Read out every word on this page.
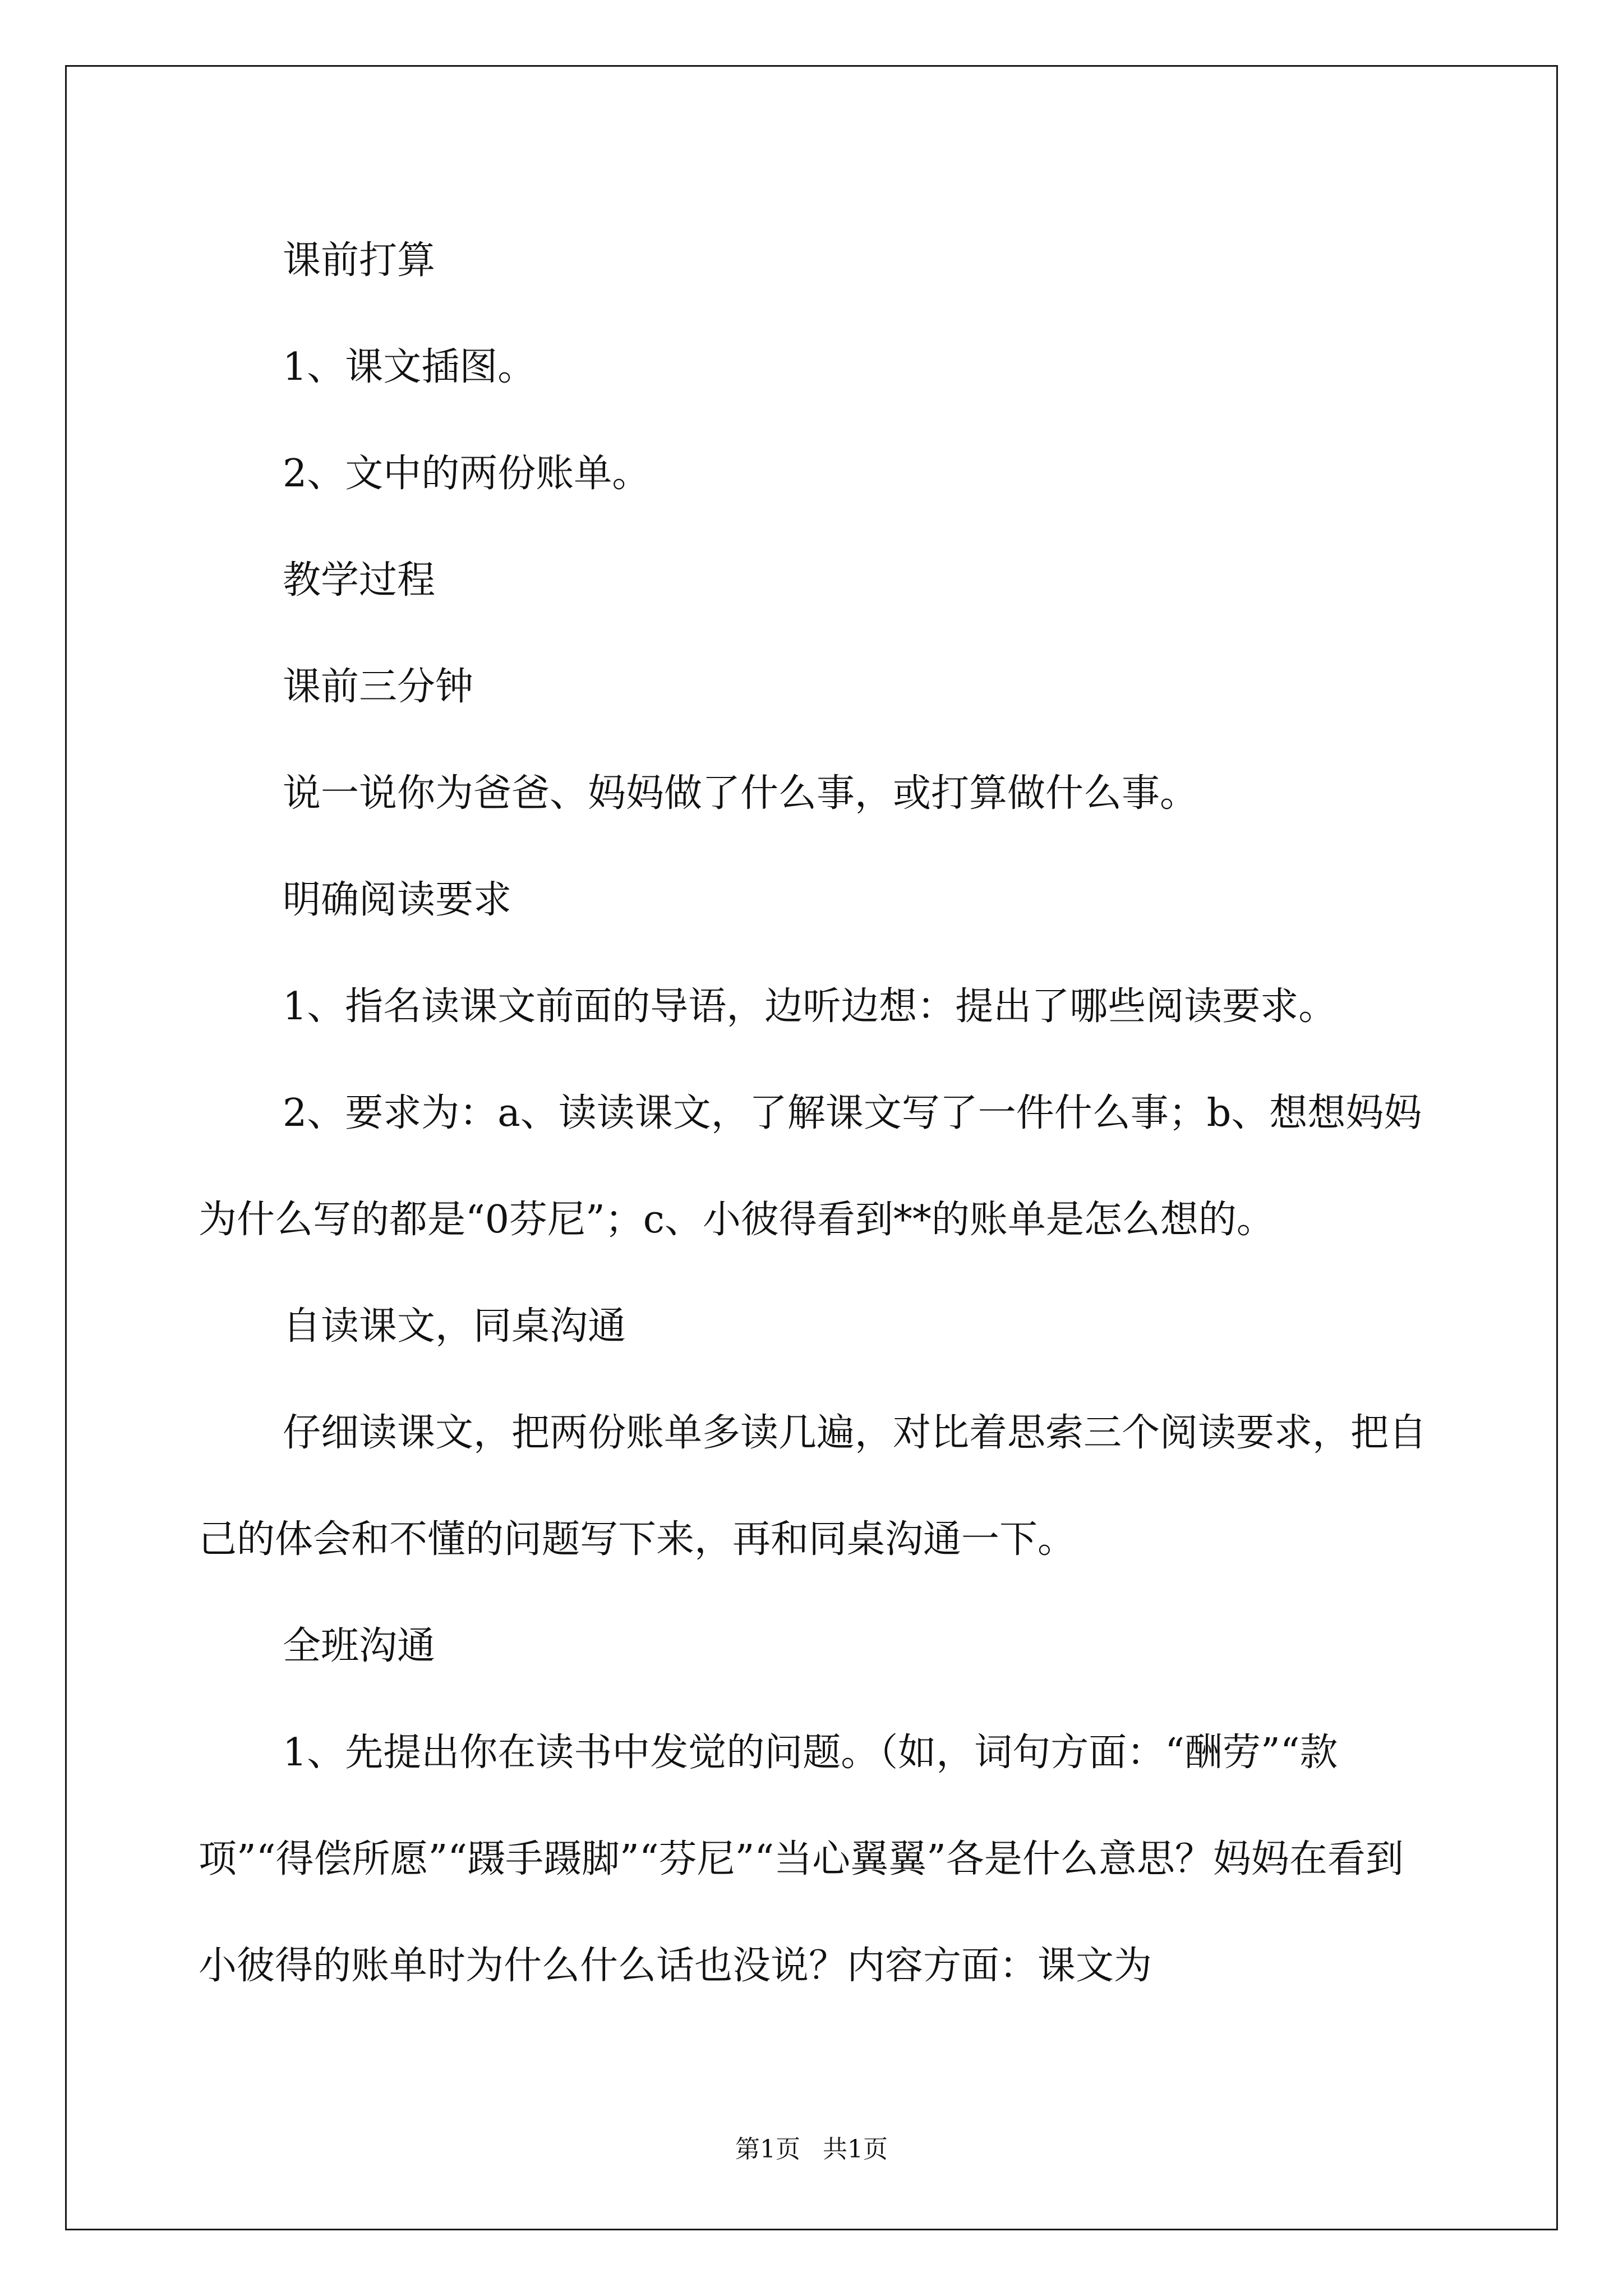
课前打算

1、课文插图。

2、文中的两份账单。

教学过程

课前三分钟

说一说你为爸爸、妈妈做了什么事，或打算做什么事。

明确阅读要求

1、指名读课文前面的导语，边听边想：提出了哪些阅读要求。

2、要求为：a、读读课文，了解课文写了一件什么事；b、想想妈妈为什么写的都是“0芬尼”；c、小彼得看到**的账单是怎么想的。

自读课文，同桌沟通

仔细读课文，把两份账单多读几遍，对比着思索三个阅读要求，把自己的体会和不懂的问题写下来，再和同桌沟通一下。

全班沟通

1、先提出你在读书中发觉的问题。（如，词句方面：“酬劳”“款项”“得偿所愿”“蹑手蹑脚”“芬尼”“当心翼翼”各是什么意思？妈妈在看到小彼得的账单时为什么什么话也没说？内容方面：课文为

第1页 共1页
